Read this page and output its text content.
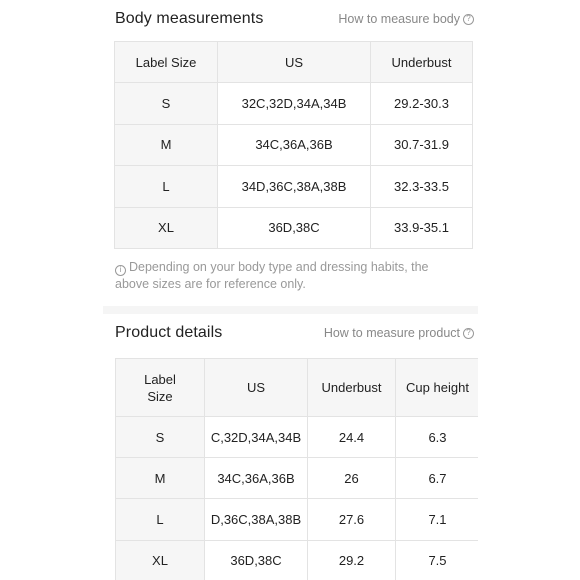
Body measurements	How to measure body ?
Label Size	US	Underbust
S	32C,32D,34A,34B	29.2-30.3
M	34C,36A,36B	30.7-31.9
L	34D,36C,38A,38B	32.3-33.5
XL	36D,38C	33.9-35.1
i Depending on your body type and dressing habits, the above sizes are for reference only.
Product details	How to measure product ?
Label Size	US	Underbust	Cup height
S	C,32D,34A,34B	24.4	6.3
M	34C,36A,36B	26	6.7
L	D,36C,38A,38B	27.6	7.1
XL	36D,38C	29.2	7.5
